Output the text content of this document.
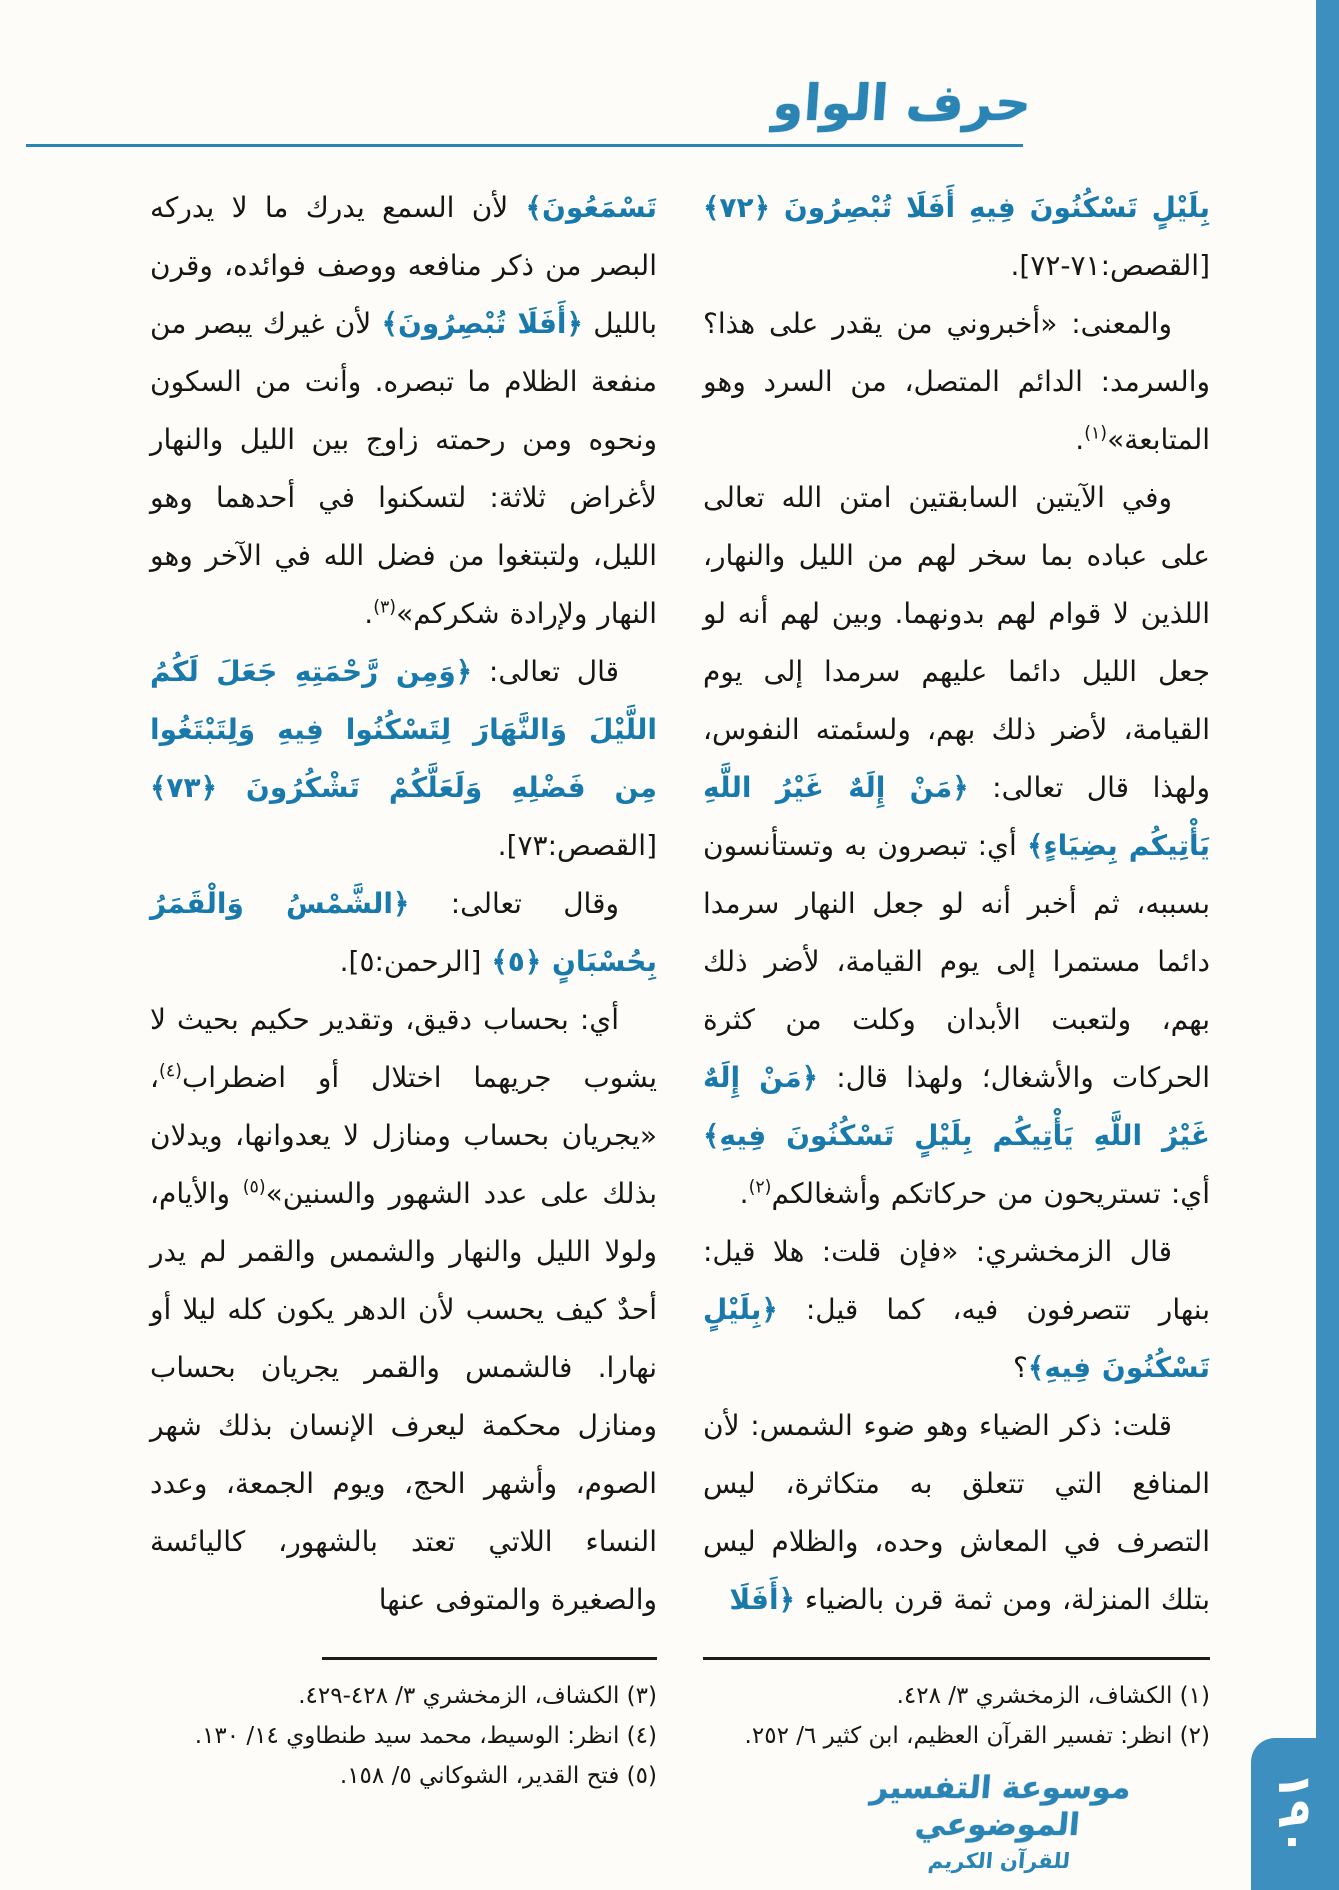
١٩٠
حرف الواو

بِلَيْلٍ تَسْكُنُونَ فِيهِ أَفَلَا تُبْصِرُونَ ﴿٧٢﴾

[القصص:٧١-٧٢].

والمعنى: «أخبروني من يقدر على هذا؟ والسرمد: الدائم المتصل، من السرد وهو المتابعة»$^{(١)}$.

وفي الآيتين السابقتين امتن الله تعالى على عباده بما سخر لهم من الليل والنهار، اللذين لا قوام لهم بدونهما. وبين لهم أنه لو جعل الليل دائما عليهم سرمدا إلى يوم القيامة، لأضر ذلك بهم، ولسئمته النفوس، ولهذا قال تعالى: ﴿مَنْ إِلَهٌ غَيْرُ اللَّهِ يَأْتِيكُم بِضِيَاءٍ﴾ أي: تبصرون به وتستأنسون بسببه، ثم أخبر أنه لو جعل النهار سرمدا دائما مستمرا إلى يوم القيامة، لأضر ذلك بهم، ولتعبت الأبدان وكلت من كثرة الحركات والأشغال؛ ولهذا قال: ﴿مَنْ إِلَهٌ غَيْرُ اللَّهِ يَأْتِيكُم بِلَيْلٍ تَسْكُنُونَ فِيهِ﴾ أي: تستريحون من حركاتكم وأشغالكم$^{(٢)}$.

قال الزمخشري: «فإن قلت: هلا قيل: بنهار تتصرفون فيه، كما قيل: ﴿بِلَيْلٍ تَسْكُنُونَ فِيهِ﴾؟

قلت: ذكر الضياء وهو ضوء الشمس: لأن المنافع التي تتعلق به متكاثرة، ليس التصرف في المعاش وحده، والظلام ليس بتلك المنزلة، ومن ثمة قرن بالضياء ﴿أَفَلَا

(١) الكشاف، الزمخشري ٣/ ٤٢٨.
(٢) انظر: تفسير القرآن العظيم، ابن كثير ٦/ ٢٥٢.

تَسْمَعُونَ﴾ لأن السمع يدرك ما لا يدركه البصر من ذكر منافعه ووصف فوائده، وقرن بالليل ﴿أَفَلَا تُبْصِرُونَ﴾ لأن غيرك يبصر من منفعة الظلام ما تبصره. وأنت من السكون ونحوه ومن رحمته زاوج بين الليل والنهار لأغراض ثلاثة: لتسكنوا في أحدهما وهو الليل، ولتبتغوا من فضل الله في الآخر وهو النهار ولإرادة شكركم»$^{(٣)}$.

قال تعالى: ﴿وَمِن رَّحْمَتِهِ جَعَلَ لَكُمُ اللَّيْلَ وَالنَّهَارَ لِتَسْكُنُوا فِيهِ وَلِتَبْتَغُوا مِن فَضْلِهِ وَلَعَلَّكُمْ تَشْكُرُونَ ﴿٧٣﴾ [القصص:٧٣].

وقال تعالى: ﴿الشَّمْسُ وَالْقَمَرُ بِحُسْبَانٍ ﴿٥﴾ [الرحمن:٥].

أي: بحساب دقيق، وتقدير حكيم بحيث لا يشوب جريهما اختلال أو اضطراب$^{(٤)}$، «يجريان بحساب ومنازل لا يعدوانها، ويدلان بذلك على عدد الشهور والسنين»$^{(٥)}$ والأيام، ولولا الليل والنهار والشمس والقمر لم يدر أحدٌ كيف يحسب لأن الدهر يكون كله ليلا أو نهارا. فالشمس والقمر يجريان بحساب ومنازل محكمة ليعرف الإنسان بذلك شهر الصوم، وأشهر الحج، ويوم الجمعة، وعدد النساء اللاتي تعتد بالشهور، كاليائسة والصغيرة والمتوفى عنها

(٣) الكشاف، الزمخشري ٣/ ٤٢٨-٤٢٩.
(٤) انظر: الوسيط، محمد سيد طنطاوي ١٤/ ١٣٠.
(٥) فتح القدير، الشوكاني ٥/ ١٥٨.	موسوعة التفسير الموضوعي
للقرآن الكريم
